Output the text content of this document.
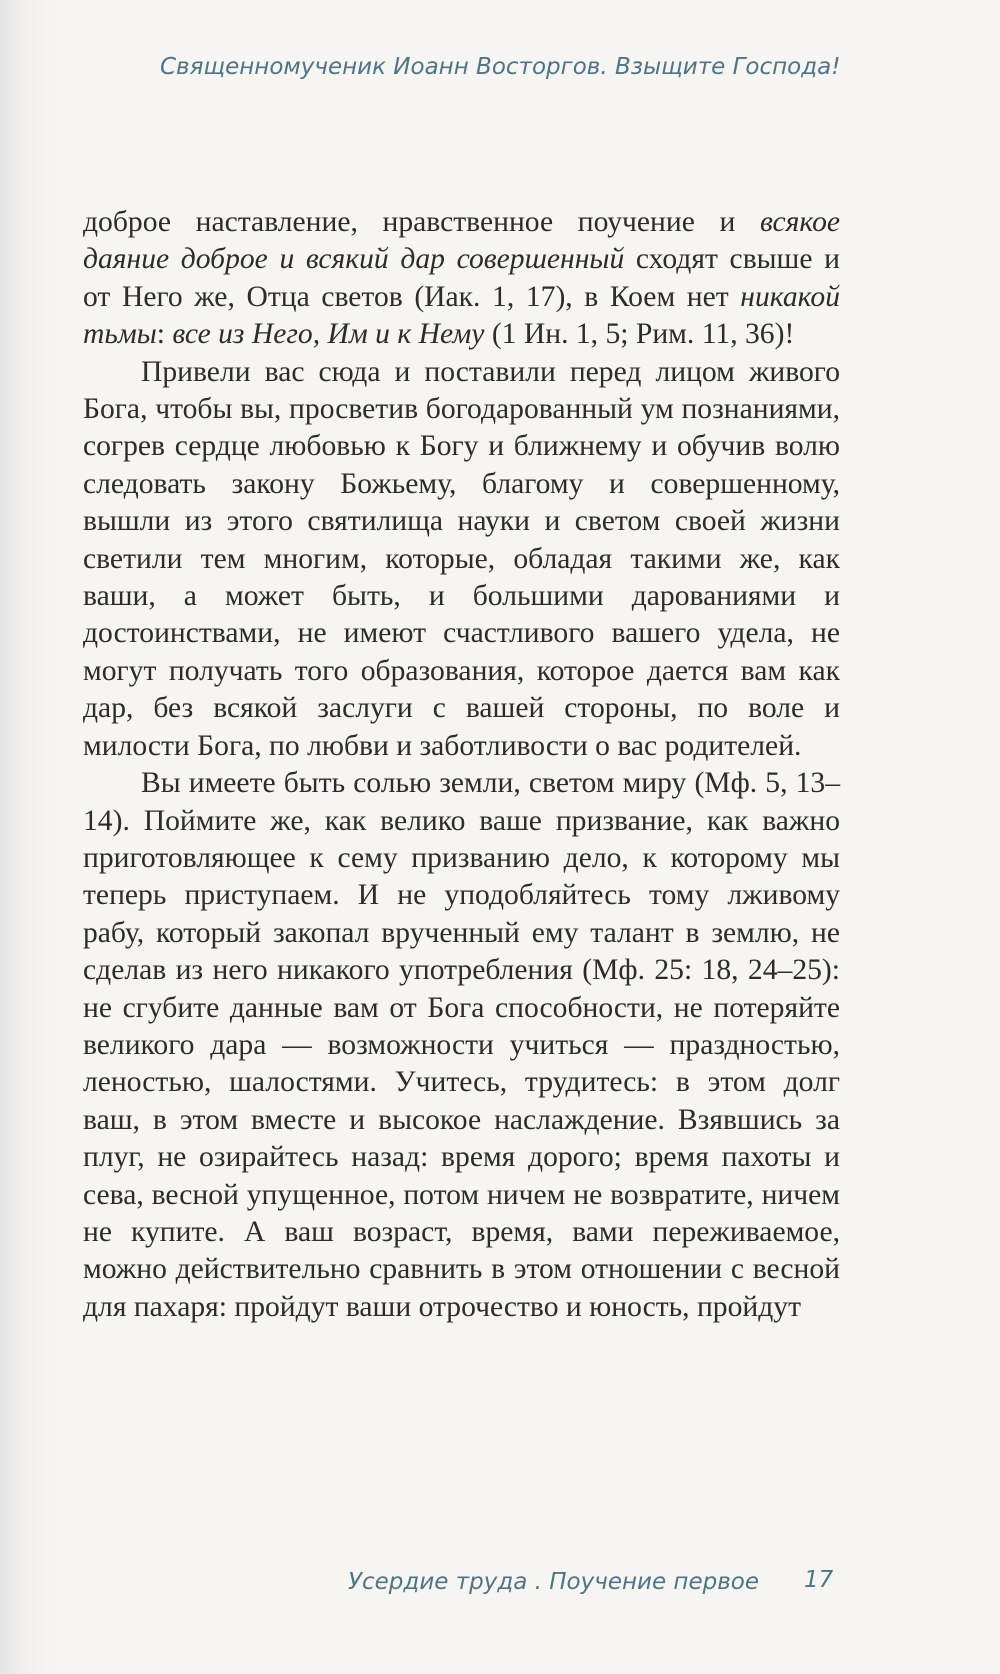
Священномученик Иоанн Восторгов. Взыщите Господа!

доброе наставление, нравственное поучение и всякое даяние доброе и всякий дар совершенный сходят свыше и от Него же, Отца светов (Иак. 1, 17), в Коем нет никакой тьмы: все из Него, Им и к Нему (1 Ин. 1, 5; Рим. 11, 36)!

Привели вас сюда и поставили перед лицом живого Бога, чтобы вы, просветив богодарованный ум познаниями, согрев сердце любовью к Богу и ближнему и обучив волю следовать закону Божьему, благому и совершенному, вышли из этого святилища науки и светом своей жизни светили тем многим, которые, обладая такими же, как ваши, а может быть, и большими дарованиями и достоинствами, не имеют счастливого вашего удела, не могут получать того образования, которое дается вам как дар, без всякой заслуги с вашей стороны, по воле и милости Бога, по любви и заботливости о вас родителей.

Вы имеете быть солью земли, светом миру (Мф. 5, 13–14). Поймите же, как велико ваше призвание, как важно приготовляющее к сему призванию дело, к которому мы теперь приступаем. И не уподобляйтесь тому лживому рабу, который закопал врученный ему талант в землю, не сделав из него никакого употребления (Мф. 25: 18, 24–25): не сгубите данные вам от Бога способности, не потеряйте великого дара — возможности учиться — праздностью, леностью, шалостями. Учитесь, трудитесь: в этом долг ваш, в этом вместе и высокое наслаждение. Взявшись за плуг, не озирайтесь назад: время дорого; время пахоты и сева, весной упущенное, потом ничем не возвратите, ничем не купите. А ваш возраст, время, вами переживаемое, можно действительно сравнить в этом отношении с весной для пахаря: пройдут ваши отрочество и юность, пройдут

Усердие труда . Поучение первое 17
